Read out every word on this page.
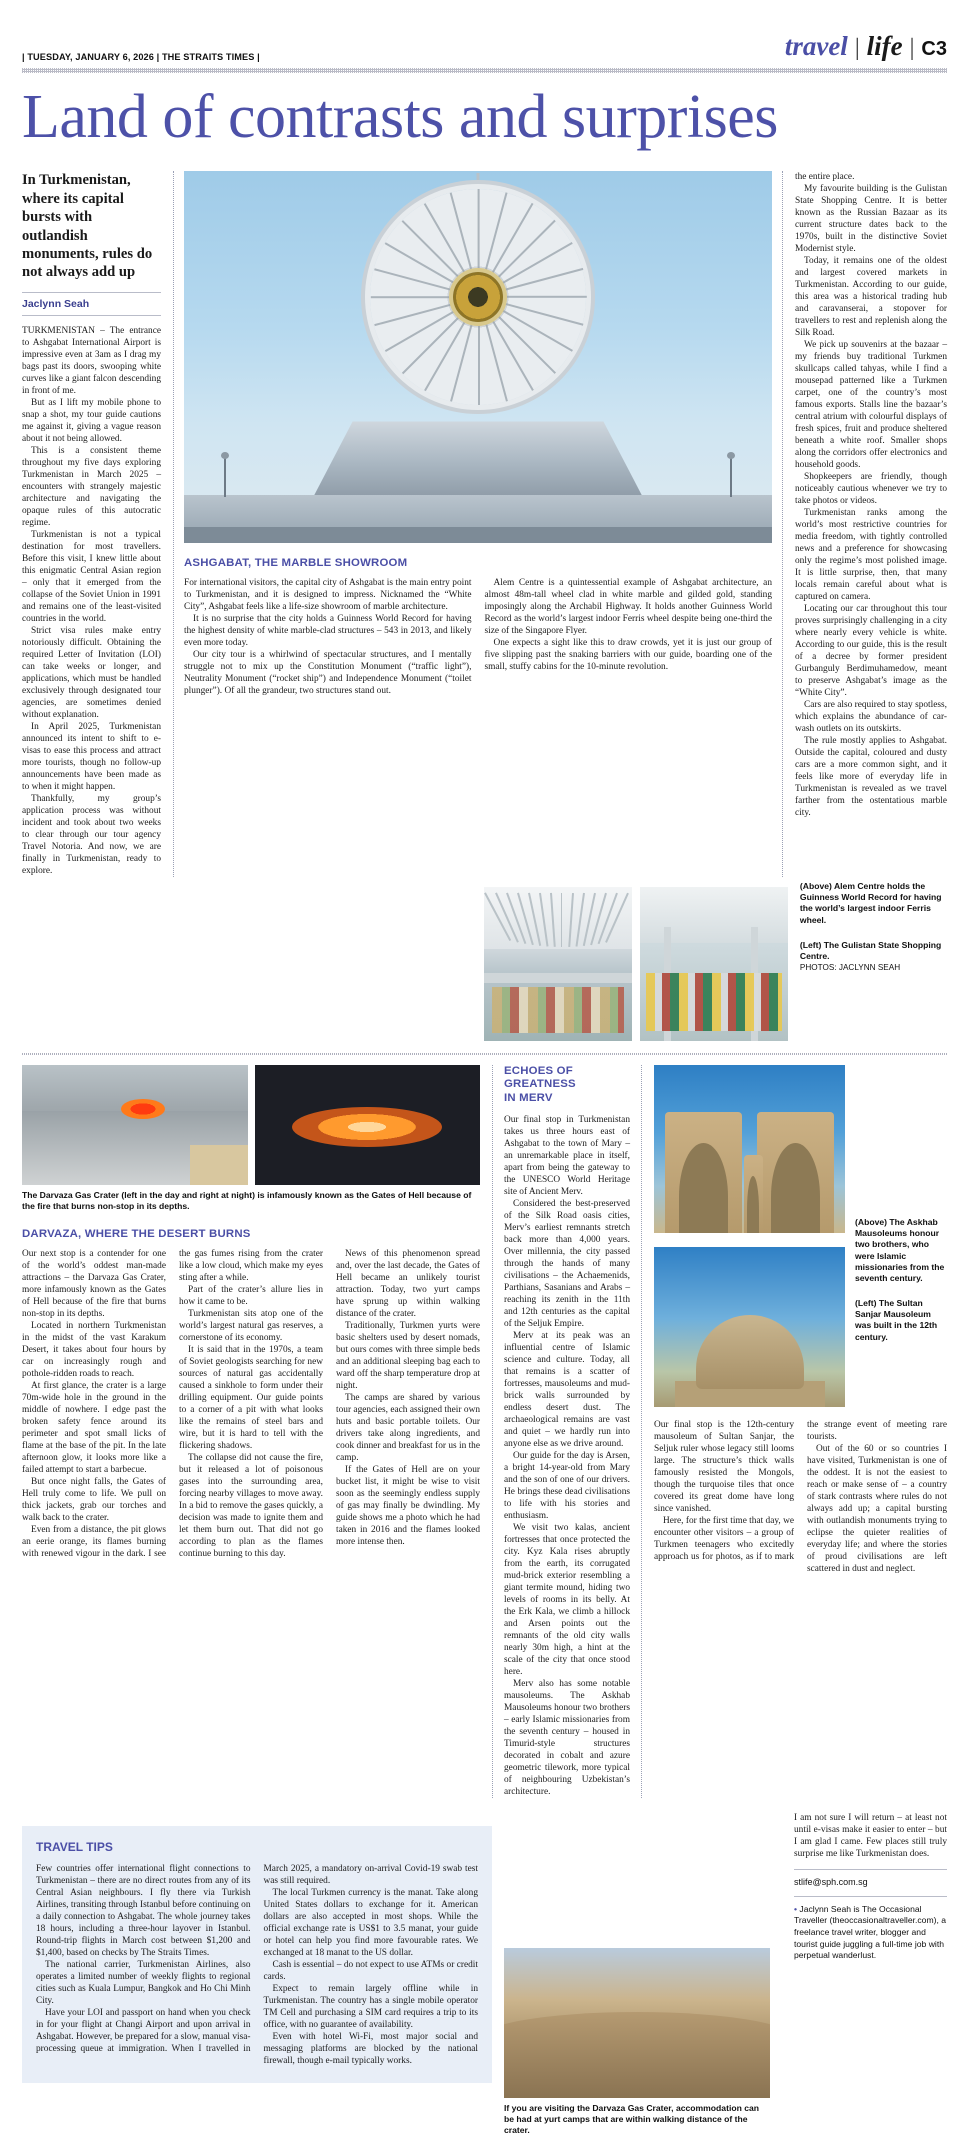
| TUESDAY, JANUARY 6, 2026 | THE STRAITS TIMES |	travel | life | C3
Land of contrasts and surprises
In Turkmenistan, where its capital bursts with outlandish monuments, rules do not always add up
Jaclynn Seah

TURKMENISTAN – The entrance to Ashgabat International Airport is impressive even at 3am as I drag my bags past its doors, swooping white curves like a giant falcon descending in front of me.

But as I lift my mobile phone to snap a shot, my tour guide cautions me against it, giving a vague reason about it not being allowed.

This is a consistent theme throughout my five days exploring Turkmenistan in March 2025 – encounters with strangely majestic architecture and navigating the opaque rules of this autocratic regime.

Turkmenistan is not a typical destination for most travellers. Before this visit, I knew little about this enigmatic Central Asian region – only that it emerged from the collapse of the Soviet Union in 1991 and remains one of the least-visited countries in the world.

Strict visa rules make entry notoriously difficult. Obtaining the required Letter of Invitation (LOI) can take weeks or longer, and applications, which must be handled exclusively through designated tour agencies, are sometimes denied without explanation.

In April 2025, Turkmenistan announced its intent to shift to e-visas to ease this process and attract more tourists, though no follow-up announcements have been made as to when it might happen.

Thankfully, my group’s application process was without incident and took about two weeks to clear through our tour agency Travel Notoria. And now, we are finally in Turkmenistan, ready to explore.

ASHGABAT, THE MARBLE SHOWROOM

For international visitors, the capital city of Ashgabat is the main entry point to Turkmenistan, and it is designed to impress. Nicknamed the “White City”, Ashgabat feels like a life-size showroom of marble architecture.

It is no surprise that the city holds a Guinness World Record for having the highest density of white marble-clad structures – 543 in 2013, and likely even more today.

Our city tour is a whirlwind of spectacular structures, and I mentally struggle not to mix up the Constitution Monument (“traffic light”), Neutrality Monument (“rocket ship”) and Independence Monument (“toilet plunger”). Of all the grandeur, two structures stand out.

Alem Centre is a quintessential example of Ashgabat architecture, an almost 48m-tall wheel clad in white marble and gilded gold, standing imposingly along the Archabil Highway. It holds another Guinness World Record as the world’s largest indoor Ferris wheel despite being one-third the size of the Singapore Flyer.

One expects a sight like this to draw crowds, yet it is just our group of five slipping past the snaking barriers with our guide, boarding one of the small, stuffy cabins for the 10-minute revolution.

the entire place.

My favourite building is the Gulistan State Shopping Centre. It is better known as the Russian Bazaar as its current structure dates back to the 1970s, built in the distinctive Soviet Modernist style.

Today, it remains one of the oldest and largest covered markets in Turkmenistan. According to our guide, this area was a historical trading hub and caravanserai, a stopover for travellers to rest and replenish along the Silk Road.

We pick up souvenirs at the bazaar – my friends buy traditional Turkmen skullcaps called tahyas, while I find a mousepad patterned like a Turkmen carpet, one of the country’s most famous exports. Stalls line the bazaar’s central atrium with colourful displays of fresh spices, fruit and produce sheltered beneath a white roof. Smaller shops along the corridors offer electronics and household goods.

Shopkeepers are friendly, though noticeably cautious whenever we try to take photos or videos.

Turkmenistan ranks among the world’s most restrictive countries for media freedom, with tightly controlled news and a preference for showcasing only the regime’s most polished image. It is little surprise, then, that many locals remain careful about what is captured on camera.

Locating our car throughout this tour proves surprisingly challenging in a city where nearly every vehicle is white. According to our guide, this is the result of a decree by former president Gurbanguly Berdimuhamedow, meant to preserve Ashgabat’s image as the “White City”.

Cars are also required to stay spotless, which explains the abundance of car-wash outlets on its outskirts.

The rule mostly applies to Ashgabat. Outside the capital, coloured and dusty cars are a more common sight, and it feels like more of everyday life in Turkmenistan is revealed as we travel farther from the ostentatious marble city.

(Above) Alem Centre holds the Guinness World Record for having the world’s largest indoor Ferris wheel.
(Left) The Gulistan State Shopping Centre.
PHOTOS: JACLYNN SEAH
The Darvaza Gas Crater (left in the day and right at night) is infamously known as the Gates of Hell because of the fire that burns non-stop in its depths.
DARVAZA, WHERE THE DESERT BURNS

Our next stop is a contender for one of the world’s oddest man-made attractions – the Darvaza Gas Crater, more infamously known as the Gates of Hell because of the fire that burns non-stop in its depths.

Located in northern Turkmenistan in the midst of the vast Karakum Desert, it takes about four hours by car on increasingly rough and pothole-ridden roads to reach.

At first glance, the crater is a large 70m-wide hole in the ground in the middle of nowhere. I edge past the broken safety fence around its perimeter and spot small licks of flame at the base of the pit. In the late afternoon glow, it looks more like a failed attempt to start a barbecue.

But once night falls, the Gates of Hell truly come to life. We pull on thick jackets, grab our torches and walk back to the crater.

Even from a distance, the pit glows an eerie orange, its flames burning with renewed vigour in the dark. I see the gas fumes rising from the crater like a low cloud, which make my eyes sting after a while.

Part of the crater’s allure lies in how it came to be.

Turkmenistan sits atop one of the world’s largest natural gas reserves, a cornerstone of its economy.

It is said that in the 1970s, a team of Soviet geologists searching for new sources of natural gas accidentally caused a sinkhole to form under their drilling equipment. Our guide points to a corner of a pit with what looks like the remains of steel bars and wire, but it is hard to tell with the flickering shadows.

The collapse did not cause the fire, but it released a lot of poisonous gases into the surrounding area, forcing nearby villages to move away. In a bid to remove the gases quickly, a decision was made to ignite them and let them burn out. That did not go according to plan as the flames continue burning to this day.

News of this phenomenon spread and, over the last decade, the Gates of Hell became an unlikely tourist attraction. Today, two yurt camps have sprung up within walking distance of the crater.

Traditionally, Turkmen yurts were basic shelters used by desert nomads, but ours comes with three simple beds and an additional sleeping bag each to ward off the sharp temperature drop at night.

The camps are shared by various tour agencies, each assigned their own huts and basic portable toilets. Our drivers take along ingredients, and cook dinner and breakfast for us in the camp.

If the Gates of Hell are on your bucket list, it might be wise to visit soon as the seemingly endless supply of gas may finally be dwindling. My guide shows me a photo which he had taken in 2016 and the flames looked more intense then.

ECHOES OF GREATNESS
IN MERV

Our final stop in Turkmenistan takes us three hours east of Ashgabat to the town of Mary – an unremarkable place in itself, apart from being the gateway to the UNESCO World Heritage site of Ancient Merv.

Considered the best-preserved of the Silk Road oasis cities, Merv’s earliest remnants stretch back more than 4,000 years. Over millennia, the city passed through the hands of many civilisations – the Achaemenids, Parthians, Sasanians and Arabs – reaching its zenith in the 11th and 12th centuries as the capital of the Seljuk Empire.

Merv at its peak was an influential centre of Islamic science and culture. Today, all that remains is a scatter of fortresses, mausoleums and mud-brick walls surrounded by endless desert dust. The archaeological remains are vast and quiet – we hardly run into anyone else as we drive around.

Our guide for the day is Arsen, a bright 14-year-old from Mary and the son of one of our drivers. He brings these dead civilisations to life with his stories and enthusiasm.

We visit two kalas, ancient fortresses that once protected the city. Kyz Kala rises abruptly from the earth, its corrugated mud-brick exterior resembling a giant termite mound, hiding two levels of rooms in its belly. At the Erk Kala, we climb a hillock and Arsen points out the remnants of the old city walls nearly 30m high, a hint at the scale of the city that once stood here.

Merv also has some notable mausoleums. The Askhab Mausoleums honour two brothers – early Islamic missionaries from the seventh century – housed in Timurid-style structures decorated in cobalt and azure geometric tilework, more typical of neighbouring Uzbekistan’s architecture.

(Above) The Askhab Mausoleums honour two brothers, who were Islamic missionaries from the seventh century.
(Left) The Sultan Sanjar Mausoleum was built in the 12th century.

Our final stop is the 12th-century mausoleum of Sultan Sanjar, the Seljuk ruler whose legacy still looms large. The structure’s thick walls famously resisted the Mongols, though the turquoise tiles that once covered its great dome have long since vanished.

Here, for the first time that day, we encounter other visitors – a group of Turkmen teenagers who excitedly approach us for photos, as if to mark the strange event of meeting rare tourists.

Out of the 60 or so countries I have visited, Turkmenistan is one of the oddest. It is not the easiest to reach or make sense of – a country of stark contrasts where rules do not always add up; a capital bursting with outlandish monuments trying to eclipse the quieter realities of everyday life; and where the stories of proud civilisations are left scattered in dust and neglect.

TRAVEL TIPS

Few countries offer international flight connections to Turkmenistan – there are no direct routes from any of its Central Asian neighbours. I fly there via Turkish Airlines, transiting through Istanbul before continuing on a daily connection to Ashgabat. The whole journey takes 18 hours, including a three-hour layover in Istanbul. Round-trip flights in March cost between $1,200 and $1,400, based on checks by The Straits Times.

The national carrier, Turkmenistan Airlines, also operates a limited number of weekly flights to regional cities such as Kuala Lumpur, Bangkok and Ho Chi Minh City.

Have your LOI and passport on hand when you check in for your flight at Changi Airport and upon arrival in Ashgabat. However, be prepared for a slow, manual visa-processing queue at immigration. When I travelled in March 2025, a mandatory on-arrival Covid-19 swab test was still required.

The local Turkmen currency is the manat. Take along United States dollars to exchange for it. American dollars are also accepted in most shops. While the official exchange rate is US$1 to 3.5 manat, your guide or hotel can help you find more favourable rates. We exchanged at 18 manat to the US dollar.

Cash is essential – do not expect to use ATMs or credit cards.

Expect to remain largely offline while in Turkmenistan. The country has a single mobile operator TM Cell and purchasing a SIM card requires a trip to its office, with no guarantee of availability.

Even with hotel Wi-Fi, most major social and messaging platforms are blocked by the national firewall, though e-mail typically works.

If you are visiting the Darvaza Gas Crater, accommodation can be had at yurt camps that are within walking distance of the crater.

I am not sure I will return – at least not until e-visas make it easier to enter – but I am glad I came. Few places still truly surprise me like Turkmenistan does.

stlife@sph.com.sg
• Jaclynn Seah is The Occasional Traveller (theoccasionaltraveller.com), a freelance travel writer, blogger and tourist guide juggling a full-time job with perpetual wanderlust.
